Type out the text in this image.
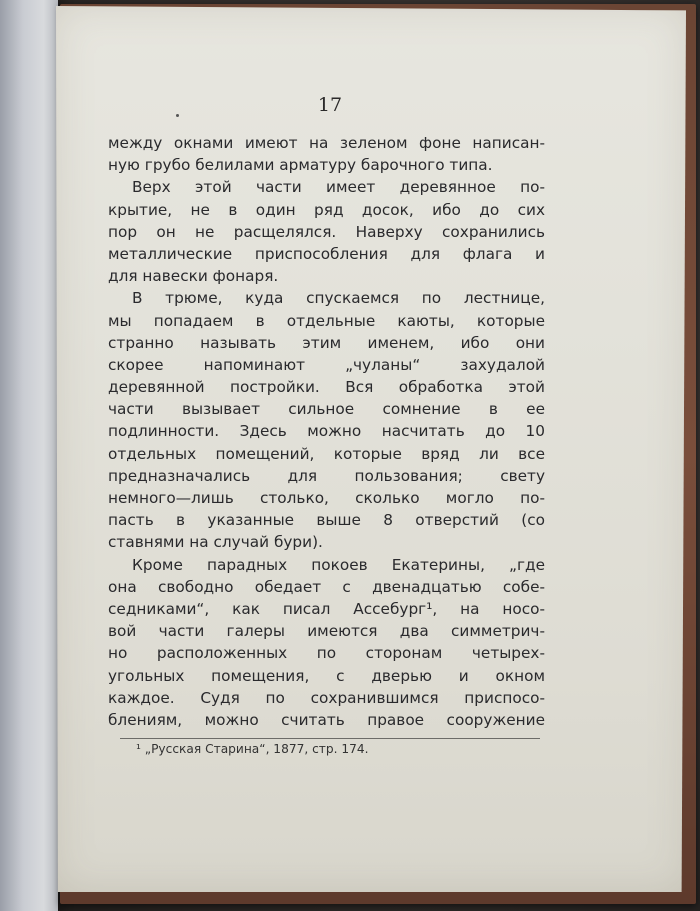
17
между окнами имеют на зеленом фоне написан-
ную грубо белилами арматуру барочного типа.
Верх этой части имеет деревянное по-
крытие, не в один ряд досок, ибо до сих
пор он не расщелялся. Наверху сохранились
металлические приспособления для флага и
для навески фонаря.
В трюме, куда спускаемся по лестнице,
мы попадаем в отдельные каюты, которые
странно называть этим именем, ибо они
скорее напоминают „чуланы“ захудалой
деревянной постройки. Вся обработка этой
части вызывает сильное сомнение в ее
подлинности. Здесь можно насчитать до 10
отдельных помещений, которые вряд ли все
предназначались для пользования; свету
немного—лишь столько, сколько могло по-
пасть в указанные выше 8 отверстий (со
ставнями на случай бури).
Кроме парадных покоев Екатерины, „где
она свободно обедает с двенадцатью собе-
седниками“, как писал Ассебург¹, на носо-
вой части галеры имеются два симметрич-
но расположенных по сторонам четырех-
угольных помещения, с дверью и окном
каждое. Судя по сохранившимся приспосо-
блениям, можно считать правое сооружение
¹ „Русская Старина“, 1877, стр. 174.
